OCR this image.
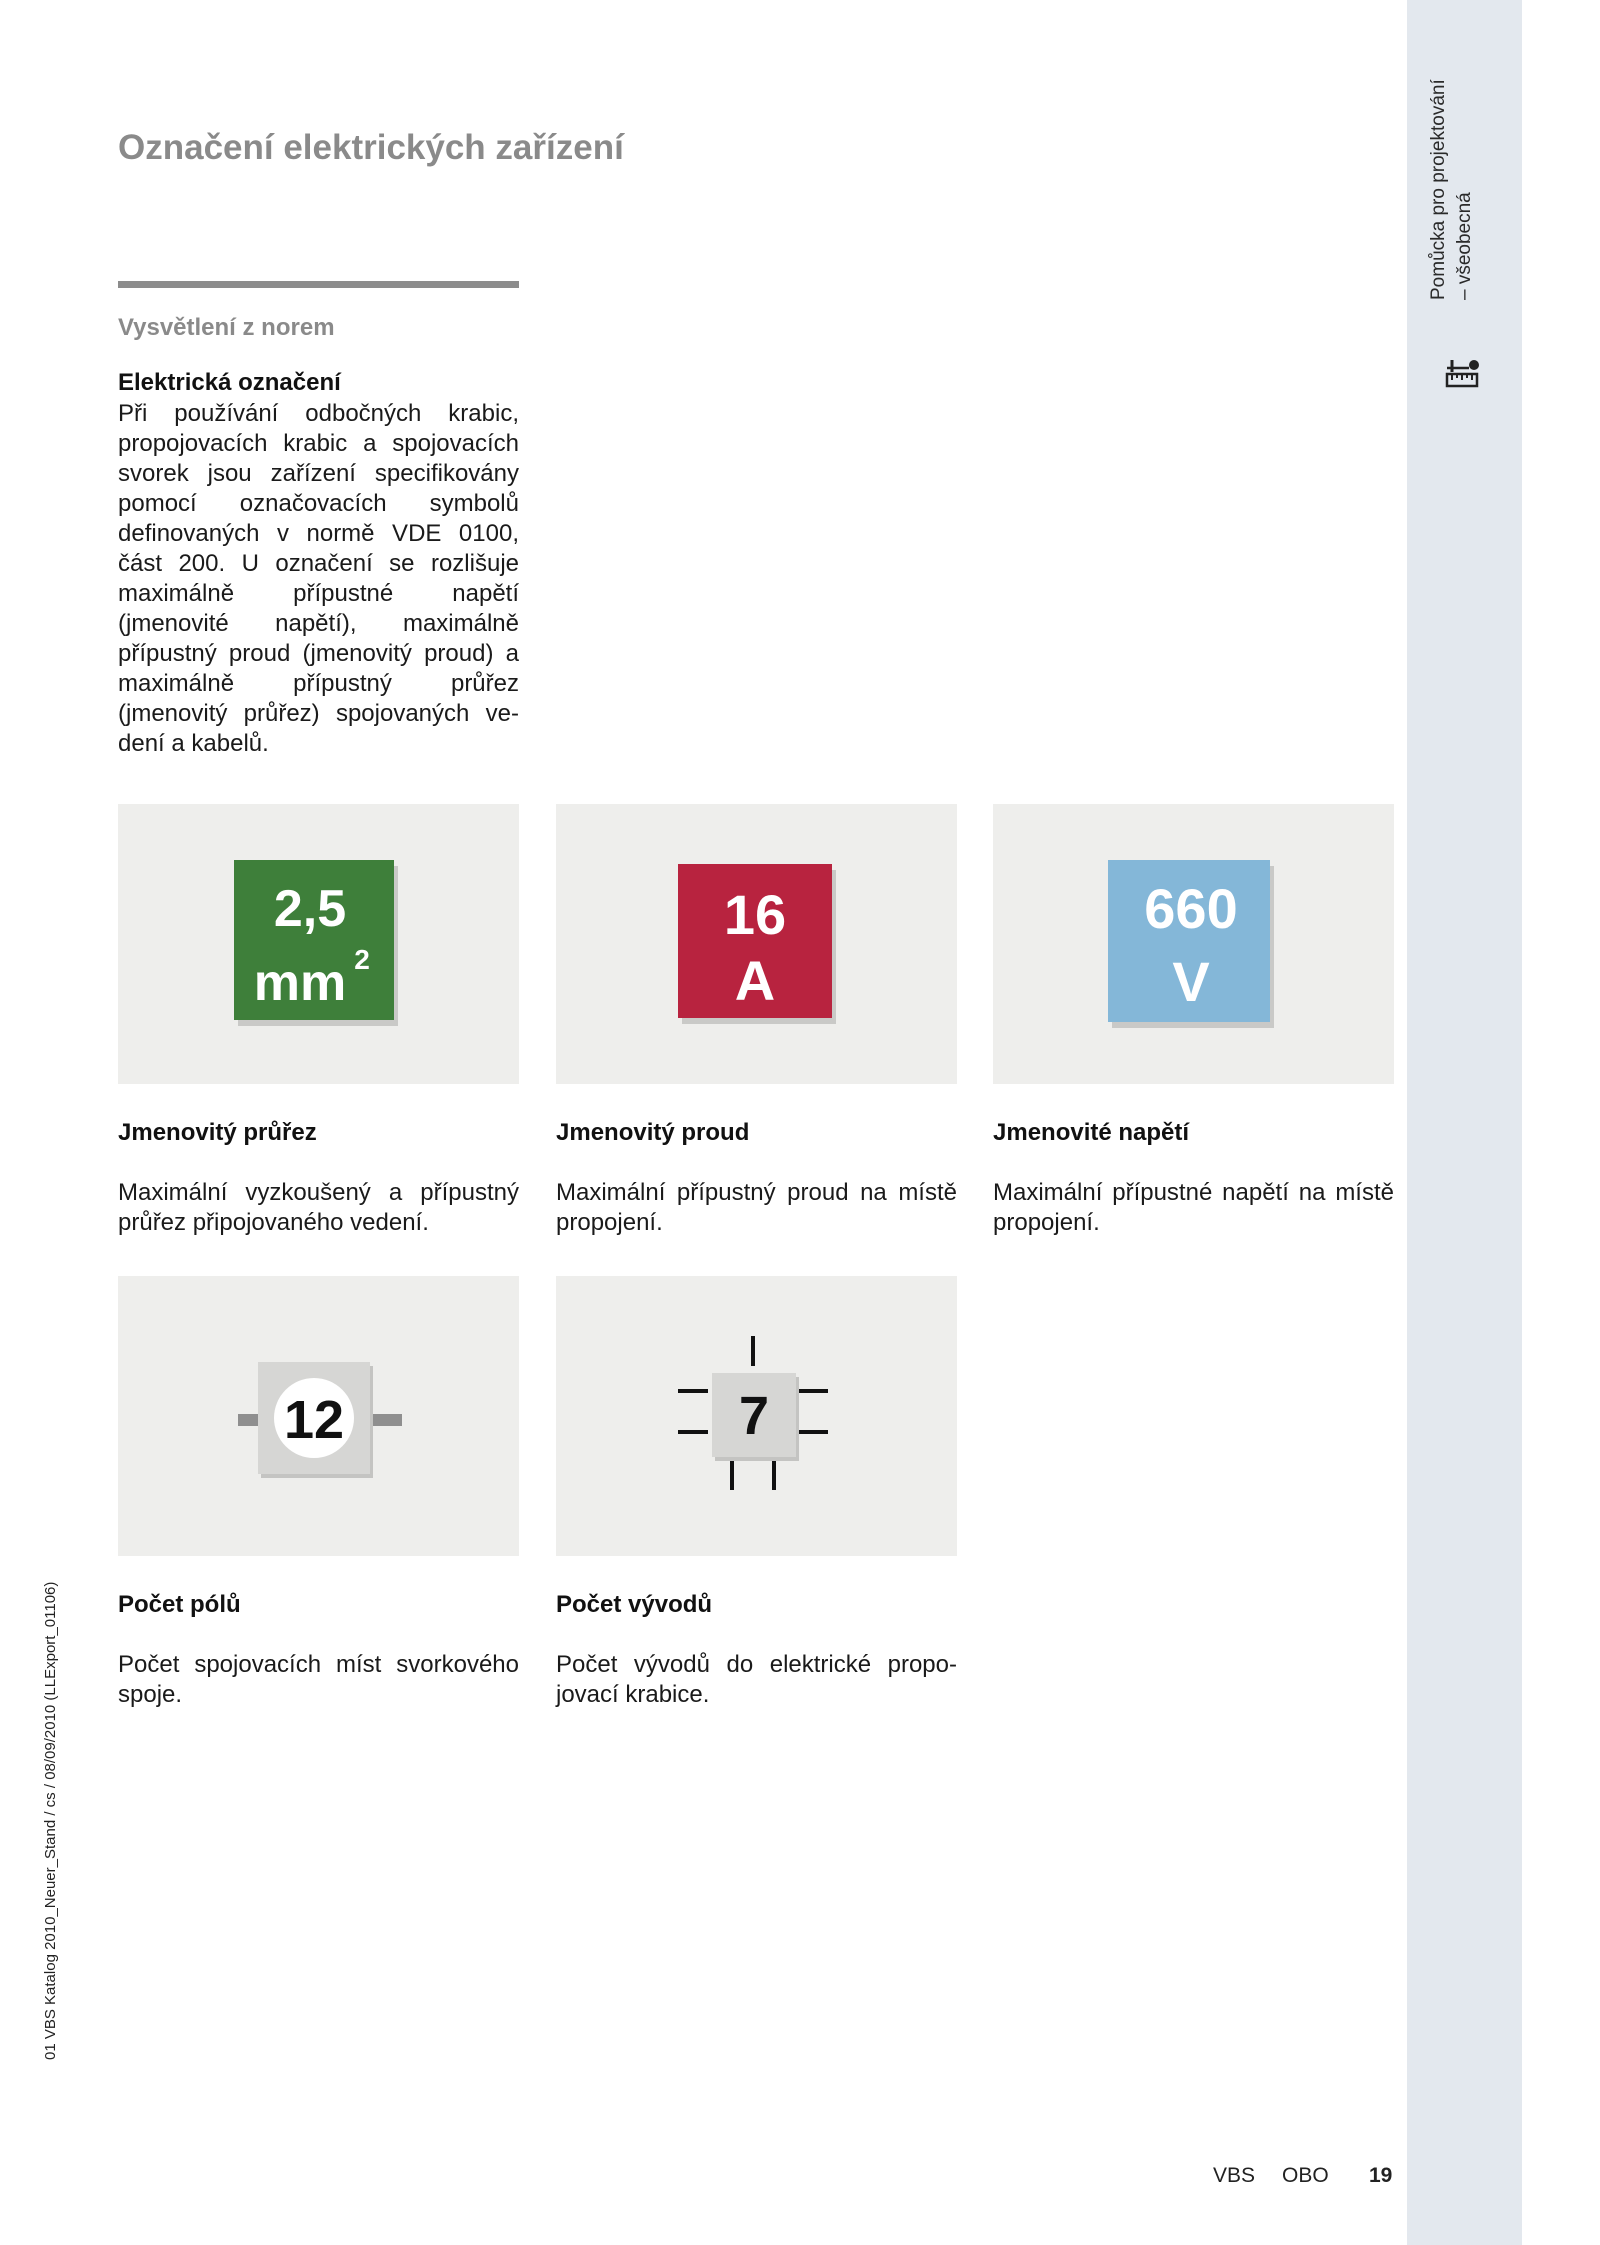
Pomůcka pro projektování – všeobecná
Označení elektrických zařízení
Vysvětlení z norem
Elektrická označení
Při používání odbočných krabic, propojovacích krabic a spojovacích svorek jsou zařízení specifikovány pomocí označovacích symbolů definovaných v normě VDE 0100, část 200. U označení se rozlišuje maximálně přípustné napětí (jmenovité napětí), maximálně přípustný proud (jmenovitý proud) a maximálně přípustný průřez (jmenovitý průřez) spojovaných vedení a kabelů.
2,5
mm 2
Jmenovitý průřez
Maximální vyzkoušený a přípustný průřez připojovaného vedení.
16
A
Jmenovitý proud
Maximální přípustný proud na místě propojení.
660
V
Jmenovité napětí
Maximální přípustné napětí na místě propojení.
12
Počet pólů
Počet spojovacích míst svorkového spoje.
7
Počet vývodů
Počet vývodů do elektrické propojovací krabice.
01 VBS Katalog 2010_Neuer_Stand / cs / 08/09/2010 (LLExport_01106)
VBS OBO 19
